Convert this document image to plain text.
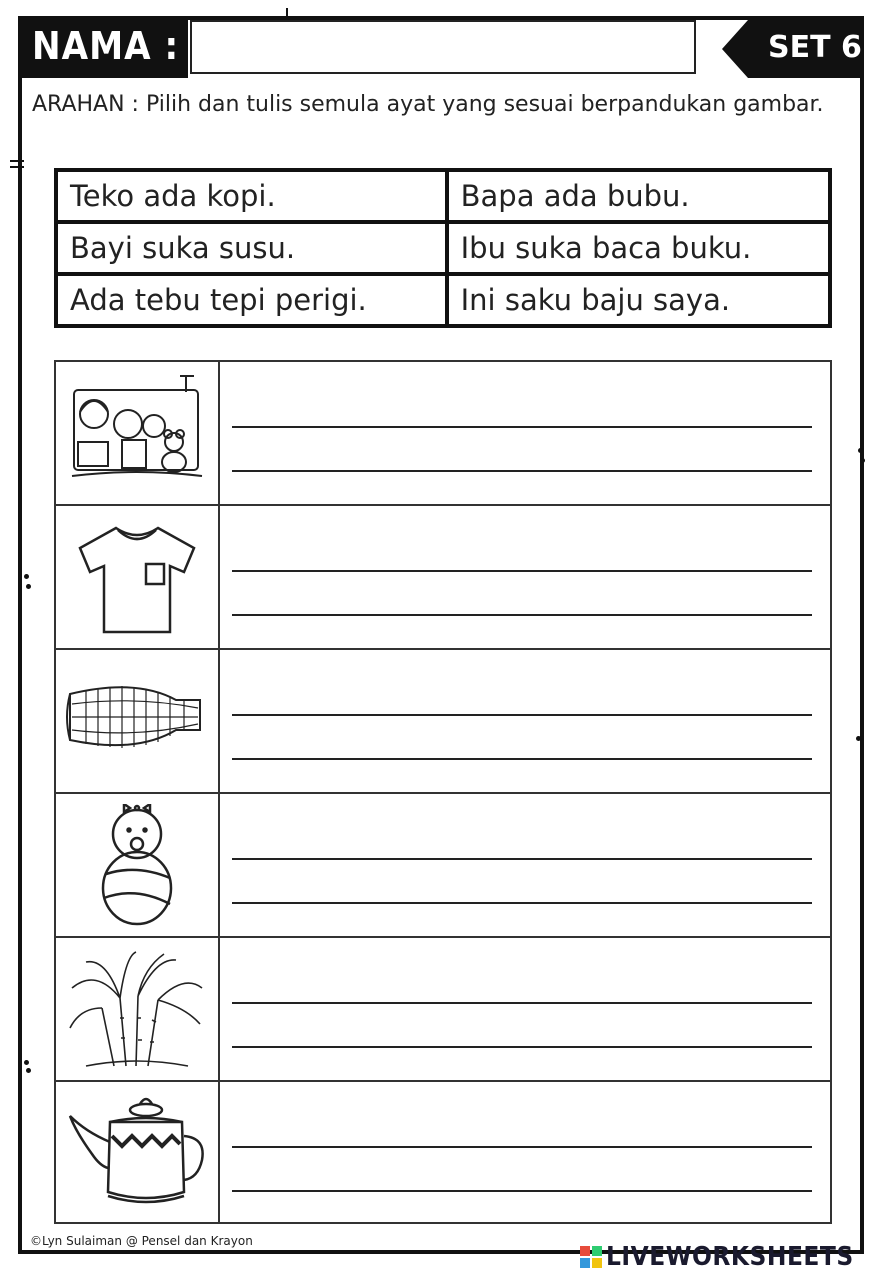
NAMA :	SET 6
ARAHAN : Pilih dan tulis semula ayat yang sesuai berpandukan gambar.
Teko ada kopi.	Bapa ada bubu.
Bayi suka susu.	Ibu suka baca buku.
Ada tebu tepi perigi.	Ini saku baju saya.
©Lyn Sulaiman @ Pensel dan Krayon
LIVEWORKSHEETS
